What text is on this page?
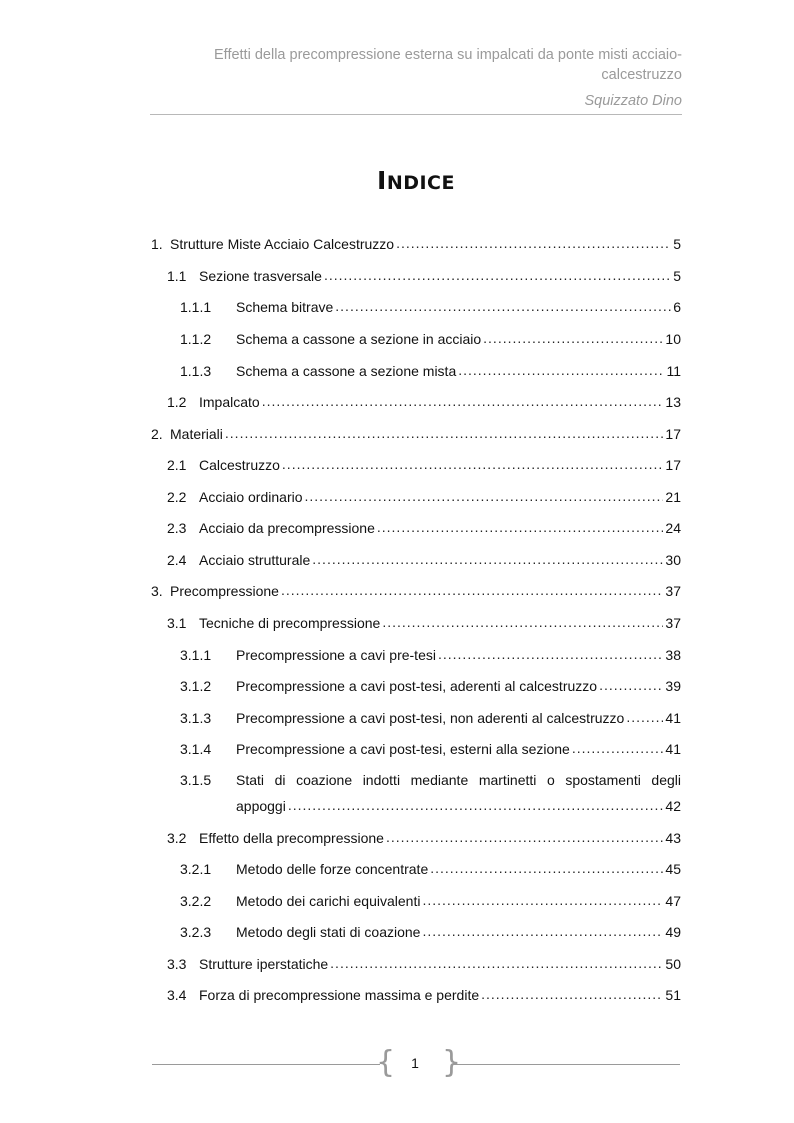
Effetti della precompressione esterna su impalcati da ponte misti acciaio-
calcestruzzo
Squizzato Dino
INDICE
1. Strutture Miste Acciaio Calcestruzzo .....	5
1.1 Sezione trasversale .....	5
1.1.1	Schema bitrave .....	6
1.1.2	Schema a cassone a sezione in acciaio .....	10
1.1.3	Schema a cassone a sezione mista .....	11
1.2 Impalcato .....	13
2. Materiali .....	17
2.1 Calcestruzzo .....	17
2.2 Acciaio ordinario .....	21
2.3 Acciaio da precompressione .....	24
2.4 Acciaio strutturale .....	30
3. Precompressione .....	37
3.1 Tecniche di precompressione .....	37
3.1.1	Precompressione a cavi pre-tesi .....	38
3.1.2	Precompressione a cavi post-tesi, aderenti al calcestruzzo .....	39
3.1.3	Precompressione a cavi post-tesi, non aderenti al calcestruzzo .....	41
3.1.4	Precompressione a cavi post-tesi, esterni alla sezione .....	41
3.1.5	Stati di coazione indotti mediante martinetti o spostamenti degli
appoggi .....	42
3.2 Effetto della precompressione .....	43
3.2.1	Metodo delle forze concentrate .....	45
3.2.2	Metodo dei carichi equivalenti .....	47
3.2.3	Metodo degli stati di coazione .....	49
3.3 Strutture iperstatiche .....	50
3.4 Forza di precompressione massima e perdite .....	51
{ }
1
